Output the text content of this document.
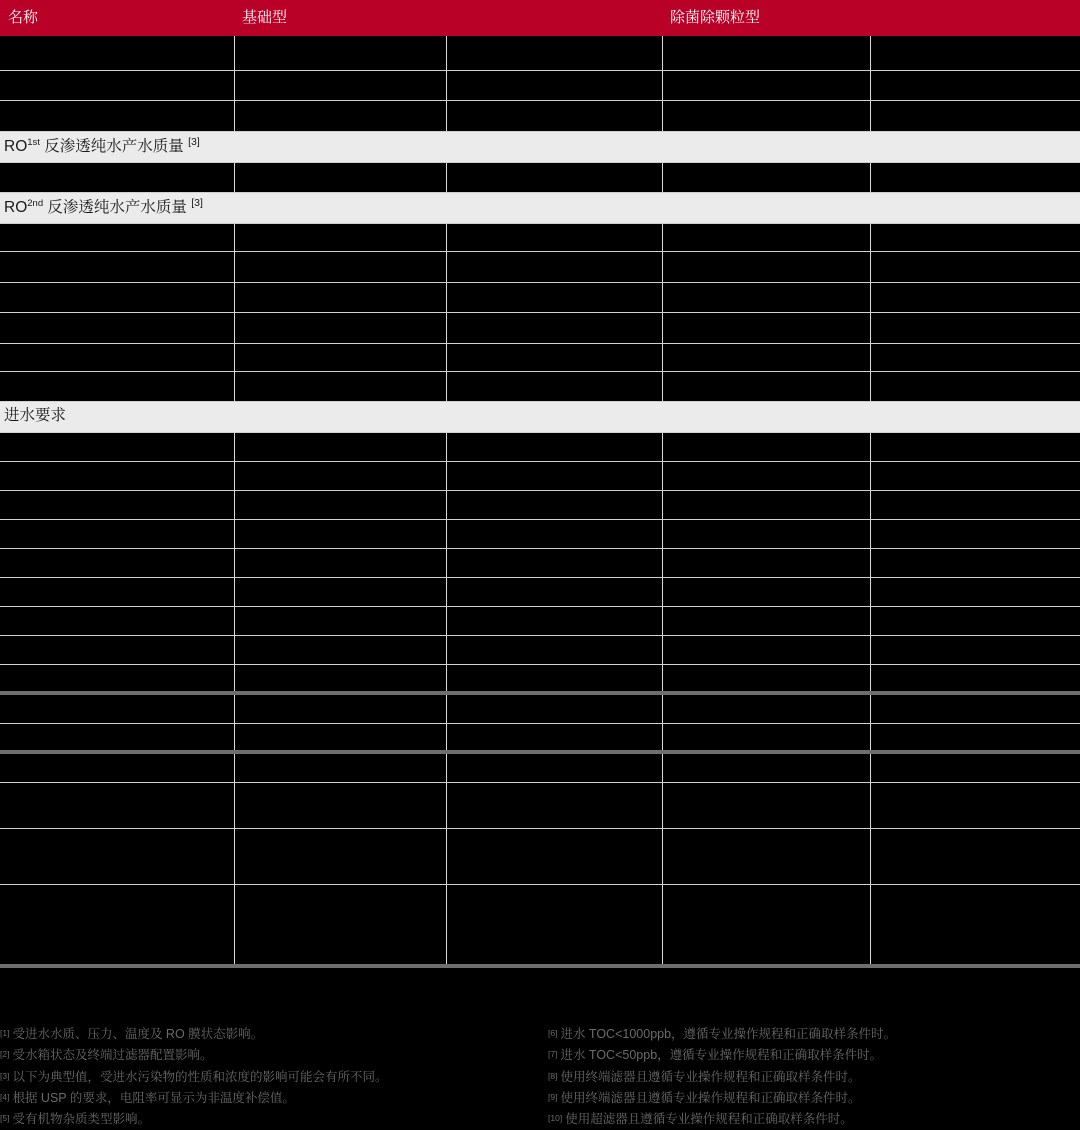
名称	基础型		除菌除颗粒型	

$RO^{1st}$ 反渗透纯水产水质量 [3]

$RO^{2nd}$ 反渗透纯水产水质量 [3]

进水要求				

[1] 受进水水质、压力、温度及 RO 膜状态影响。
[2] 受水箱状态及终端过滤器配置影响。
[3] 以下为典型值，受进水污染物的性质和浓度的影响可能会有所不同。
[4] 根据 USP 的要求，电阻率可显示为非温度补偿值。
[5] 受有机物杂质类型影响。
[6] 进水 TOC<1000ppb，遵循专业操作规程和正确取样条件时。
[7] 进水 TOC<50ppb，遵循专业操作规程和正确取样条件时。
[8] 使用终端滤器且遵循专业操作规程和正确取样条件时。
[9] 使用终端滤器且遵循专业操作规程和正确取样条件时。
[10] 使用超滤器且遵循专业操作规程和正确取样条件时。
